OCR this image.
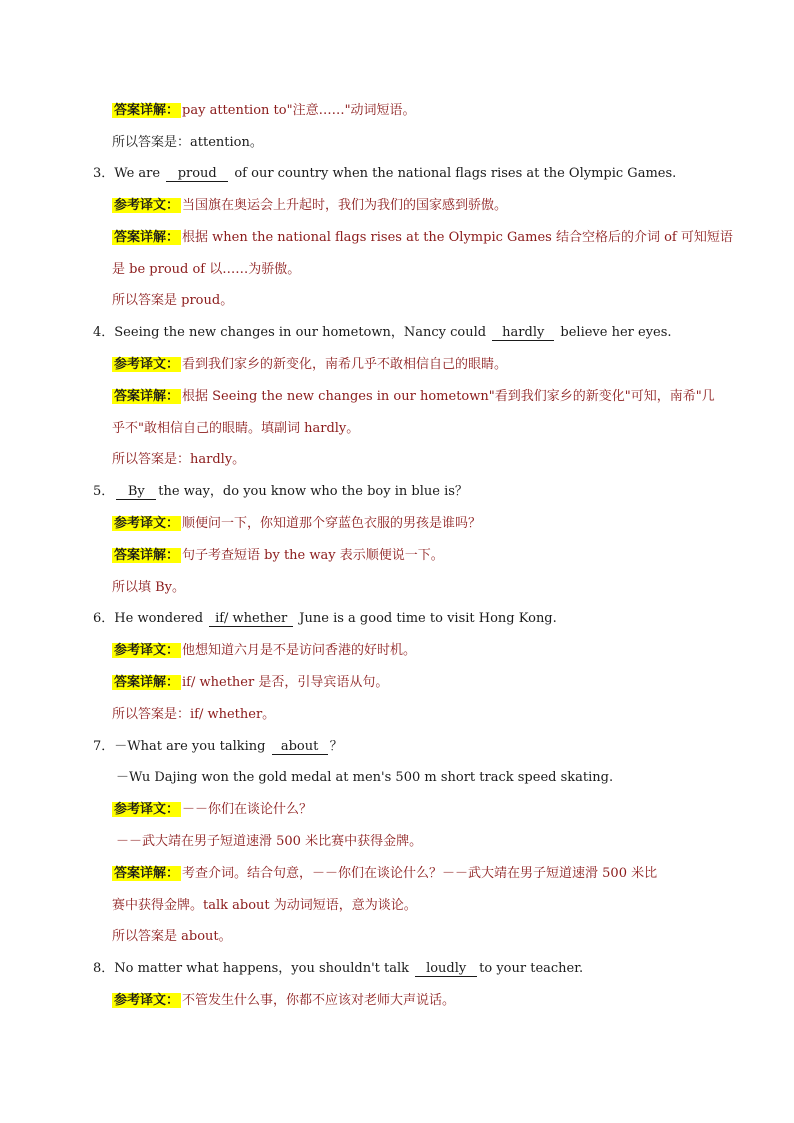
答案详解： pay attention to"注意……"动词短语。
所以答案是：attention。
3．We are proud of our country when the national flags rises at the Olympic Games.
参考译文： 当国旗在奥运会上升起时，我们为我们的国家感到骄傲。
答案详解： 根据 when the national flags rises at the Olympic Games 结合空格后的介词 of 可知短语
是 be proud of 以……为骄傲。
所以答案是 proud。
4．Seeing the new changes in our hometown，Nancy could hardly believe her eyes.
参考译文： 看到我们家乡的新变化，南希几乎不敢相信自己的眼睛。
答案详解： 根据 Seeing the new changes in our hometown"看到我们家乡的新变化"可知，南希"几
乎不"敢相信自己的眼睛。填副词 hardly。
所以答案是：hardly。
5． By the way，do you know who the boy in blue is？
参考译文： 顺便问一下，你知道那个穿蓝色衣服的男孩是谁吗？
答案详解： 句子考查短语 by the way 表示顺便说一下。
所以填 By。
6．He wondered if/ whether June is a good time to visit Hong Kong.
参考译文： 他想知道六月是不是访问香港的好时机。
答案详解： if/ whether 是否，引导宾语从句。
所以答案是：if/ whether。
7．－What are you talking about ？
－Wu Dajing won the gold medal at men's 500 m short track speed skating.
参考译文： －－你们在谈论什么？
－－武大靖在男子短道速滑 500 米比赛中获得金牌。
答案详解： 考查介词。结合句意，－－你们在谈论什么？－－武大靖在男子短道速滑 500 米比
赛中获得金牌。talk about 为动词短语，意为谈论。
所以答案是 about。
8．No matter what happens，you shouldn't talk loudly to your teacher.
参考译文： 不管发生什么事，你都不应该对老师大声说话。
